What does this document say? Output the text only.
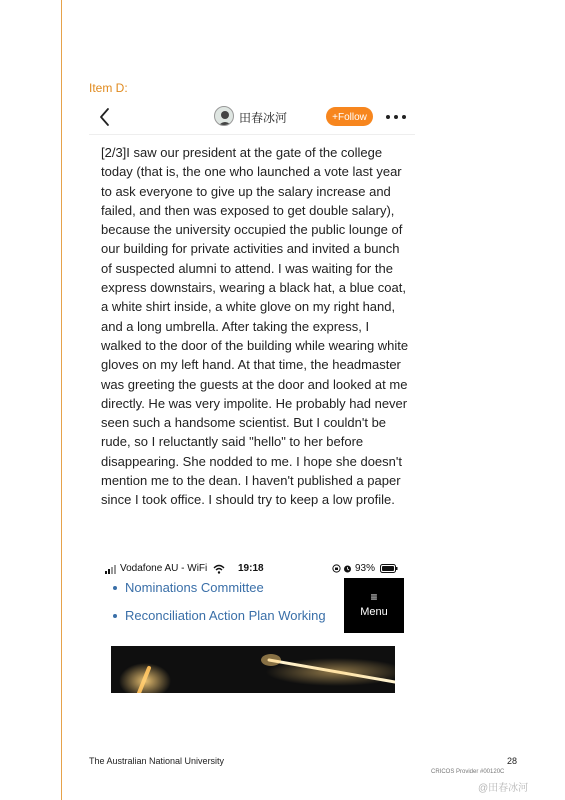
Item D:
田春冰河	+Follow
[2/3]I saw our president at the gate of the college today (that is, the one who launched a vote last year to ask everyone to give up the salary increase and failed, and then was exposed to get double salary), because the university occupied the public lounge of our building for private activities and invited a bunch of suspected alumni to attend. I was waiting for the express downstairs, wearing a black hat, a blue coat, a white shirt inside, a white glove on my right hand, and a long umbrella. After taking the express, I walked to the door of the building while wearing white gloves on my left hand. At that time, the headmaster was greeting the guests at the door and looked at me directly. He was very impolite. He probably had never seen such a handsome scientist. But I couldn't be rude, so I reluctantly said "hello" to her before disappearing. She nodded to me. I hope she doesn't mention me to the dean. I haven't published a paper since I took office. I should try to keep a low profile.
Vodafone AU - WiFi	19:18	93%
Nominations Committee
Reconciliation Action Plan Working
≡
Menu
The Australian National University	28
CRICOS Provider #00120C
@田春冰河
